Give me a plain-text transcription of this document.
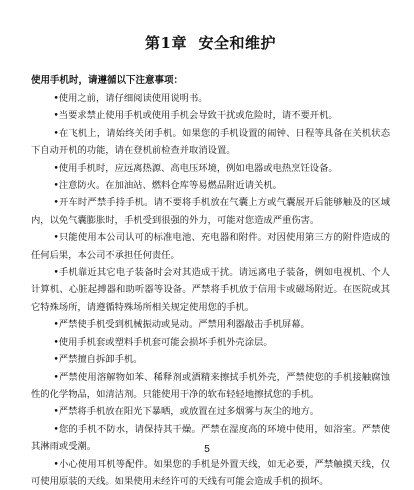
第1章 安全和维护
使用手机时，请遵循以下注意事项：

•使用之前，请仔细阅读使用说明书。

•当要求禁止使用手机或使用手机会导致干扰或危险时，请不要开机。

•在飞机上，请始终关闭手机。如果您的手机设置的闹钟、日程等具备在关机状态下自动开机的功能，请在登机前检查并取消设置。

•使用手机时，应远离热源、高电压环境，例如电器或电热烹饪设备。

•注意防火。在加油站、燃料仓库等易燃品附近请关机。

•开车时严禁手持手机。请不要将手机放在气囊上方或气囊展开后能够触及的区域内，以免气囊膨胀时，手机受到很强的外力，可能对您造成严重伤害。

•只能使用本公司认可的标准电池、充电器和附件。对因使用第三方的附件造成的任何后果，本公司不承担任何责任。

•手机靠近其它电子装备时会对其造成干扰。请远离电子装备，例如电视机、个人计算机、心脏起搏器和助听器等设备。严禁将手机放于信用卡或磁场附近。在医院或其它特殊场所，请遵循特殊场所相关规定使用您的手机。

•严禁使手机受到机械振动或晃动。严禁用利器敲击手机屏幕。

•使用手机套或塑料手机套可能会损坏手机外壳涂层。

•严禁擅自拆卸手机。

•严禁使用溶解物如苯、稀释剂或酒精来擦拭手机外壳，严禁使您的手机接触腐蚀性的化学物品，如清洁剂。只能使用干净的软布轻轻地擦拭您的手机。

•严禁将手机放在阳光下暴晒，或放置在过多烟雾与灰尘的地方。

•您的手机不防水，请保持其干燥。严禁在湿度高的环境中使用，如浴室。严禁使其淋雨或受潮。

•小心使用耳机等配件。如果您的手机是外置天线，如无必要，严禁触摸天线，仅可使用原装的天线。如果使用未经许可的天线有可能会造成手机的损坏。

5
